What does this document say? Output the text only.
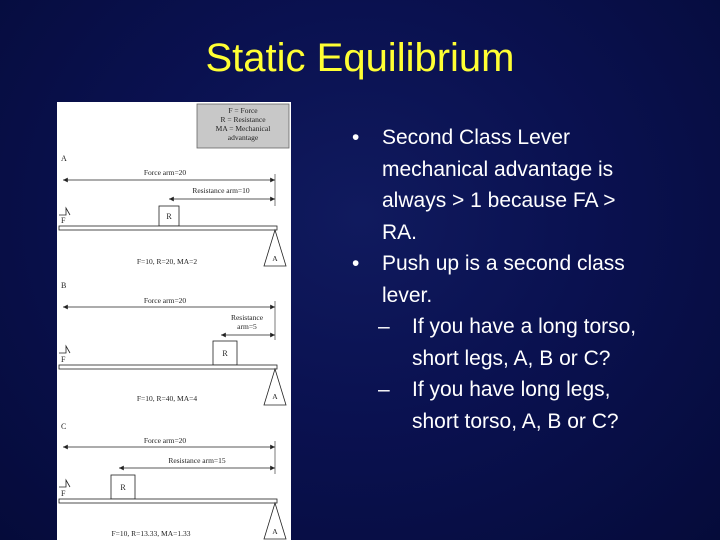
Static Equilibrium
F = Force
R = Resistance
MA = Mechanical
advantage
A
Force arm=20
Resistance arm=10
R
F
A
F=10, R=20, MA=2
B
Force arm=20
Resistance
arm=5
R
F
A
F=10, R=40, MA=4
C
Force arm=20
Resistance arm=15
R
F
A
F=10, R=13.33, MA=1.33
• Second Class Lever
mechanical advantage is
always > 1 because FA >
RA.
• Push up is a second class
lever.
– If you have a long torso,
short legs, A, B or C?
– If you have long legs,
short torso, A, B or C?
